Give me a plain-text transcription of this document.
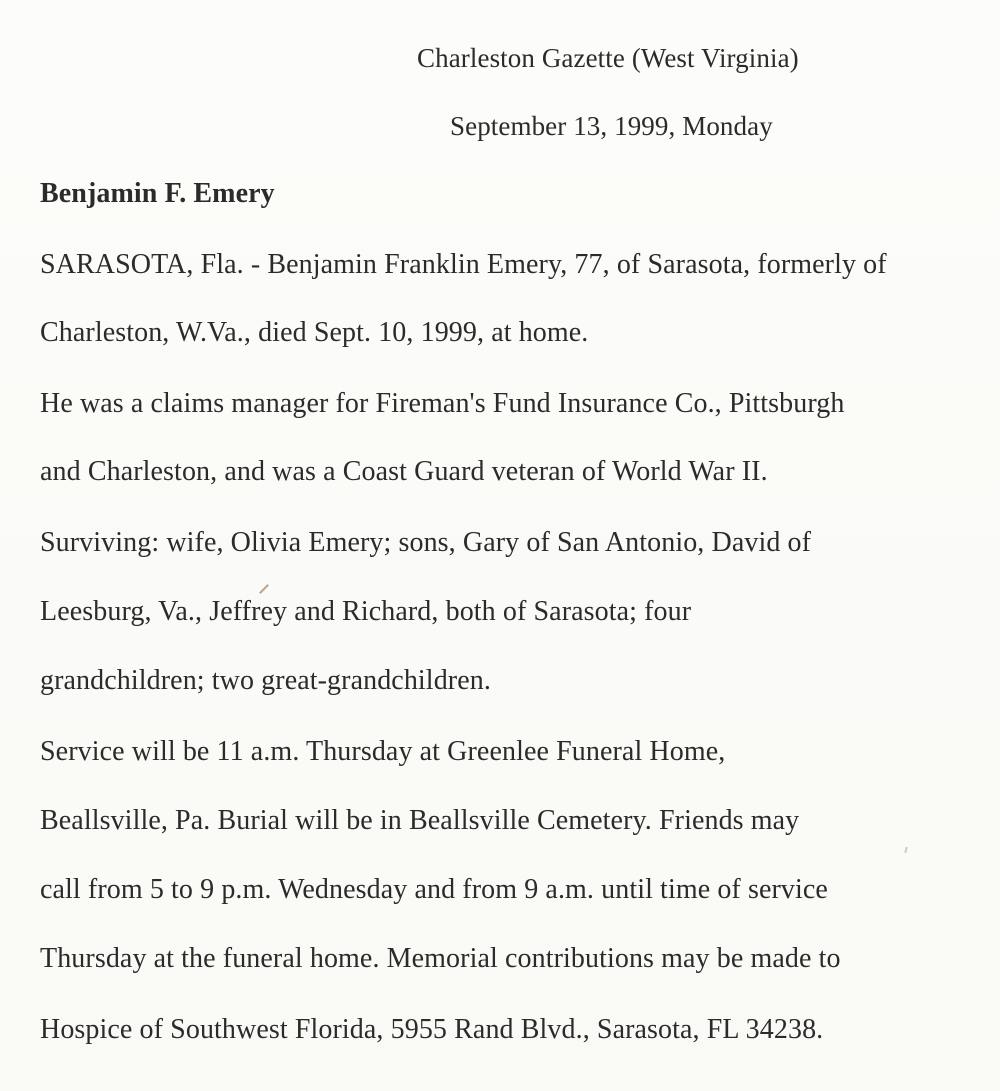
Charleston Gazette (West Virginia)
September 13, 1999, Monday
Benjamin F. Emery
SARASOTA, Fla. - Benjamin Franklin Emery, 77, of Sarasota, formerly of
Charleston, W.Va., died Sept. 10, 1999, at home.
He was a claims manager for Fireman's Fund Insurance Co., Pittsburgh
and Charleston, and was a Coast Guard veteran of World War II.
Surviving: wife, Olivia Emery; sons, Gary of San Antonio, David of
Leesburg, Va., Jeffrey and Richard, both of Sarasota; four
grandchildren; two great-grandchildren.
Service will be 11 a.m. Thursday at Greenlee Funeral Home,
Beallsville, Pa. Burial will be in Beallsville Cemetery. Friends may
call from 5 to 9 p.m. Wednesday and from 9 a.m. until time of service
Thursday at the funeral home. Memorial contributions may be made to
Hospice of Southwest Florida, 5955 Rand Blvd., Sarasota, FL 34238.
